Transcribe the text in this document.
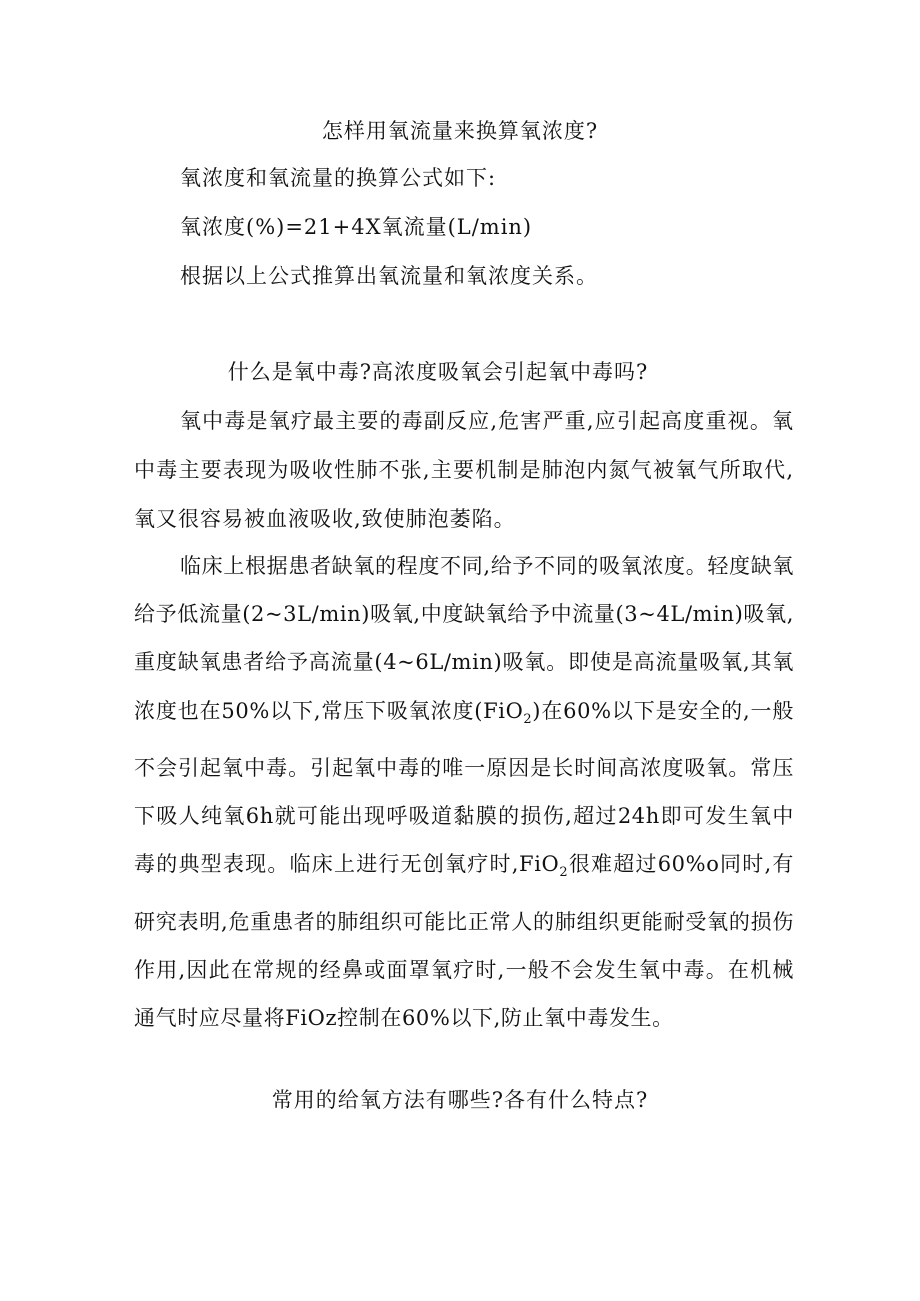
怎样用氧流量来换算氧浓度?

氧浓度和氧流量的换算公式如下:

氧浓度(%)=21+4X氧流量(L/min)

根据以上公式推算出氧流量和氧浓度关系。

什么是氧中毒?高浓度吸氧会引起氧中毒吗?

氧中毒是氧疗最主要的毒副反应,危害严重,应引起高度重视。氧中毒主要表现为吸收性肺不张,主要机制是肺泡内氮气被氧气所取代,氧又很容易被血液吸收,致使肺泡萎陷。

临床上根据患者缺氧的程度不同,给予不同的吸氧浓度。轻度缺氧给予低流量(2~3L/min)吸氧,中度缺氧给予中流量(3~4L/min)吸氧,重度缺氧患者给予高流量(4~6L/min)吸氧。即使是高流量吸氧,其氧浓度也在50%以下,常压下吸氧浓度(FiO$_2$)在60%以下是安全的,一般不会引起氧中毒。引起氧中毒的唯一原因是长时间高浓度吸氧。常压下吸人纯氧6h就可能出现呼吸道黏膜的损伤,超过24h即可发生氧中毒的典型表现。临床上进行无创氧疗时,FiO$_2$很难超过60%o同时,有研究表明,危重患者的肺组织可能比正常人的肺组织更能耐受氧的损伤作用,因此在常规的经鼻或面罩氧疗时,一般不会发生氧中毒。在机械通气时应尽量将FiOz控制在60%以下,防止氧中毒发生。

常用的给氧方法有哪些?各有什么特点?
